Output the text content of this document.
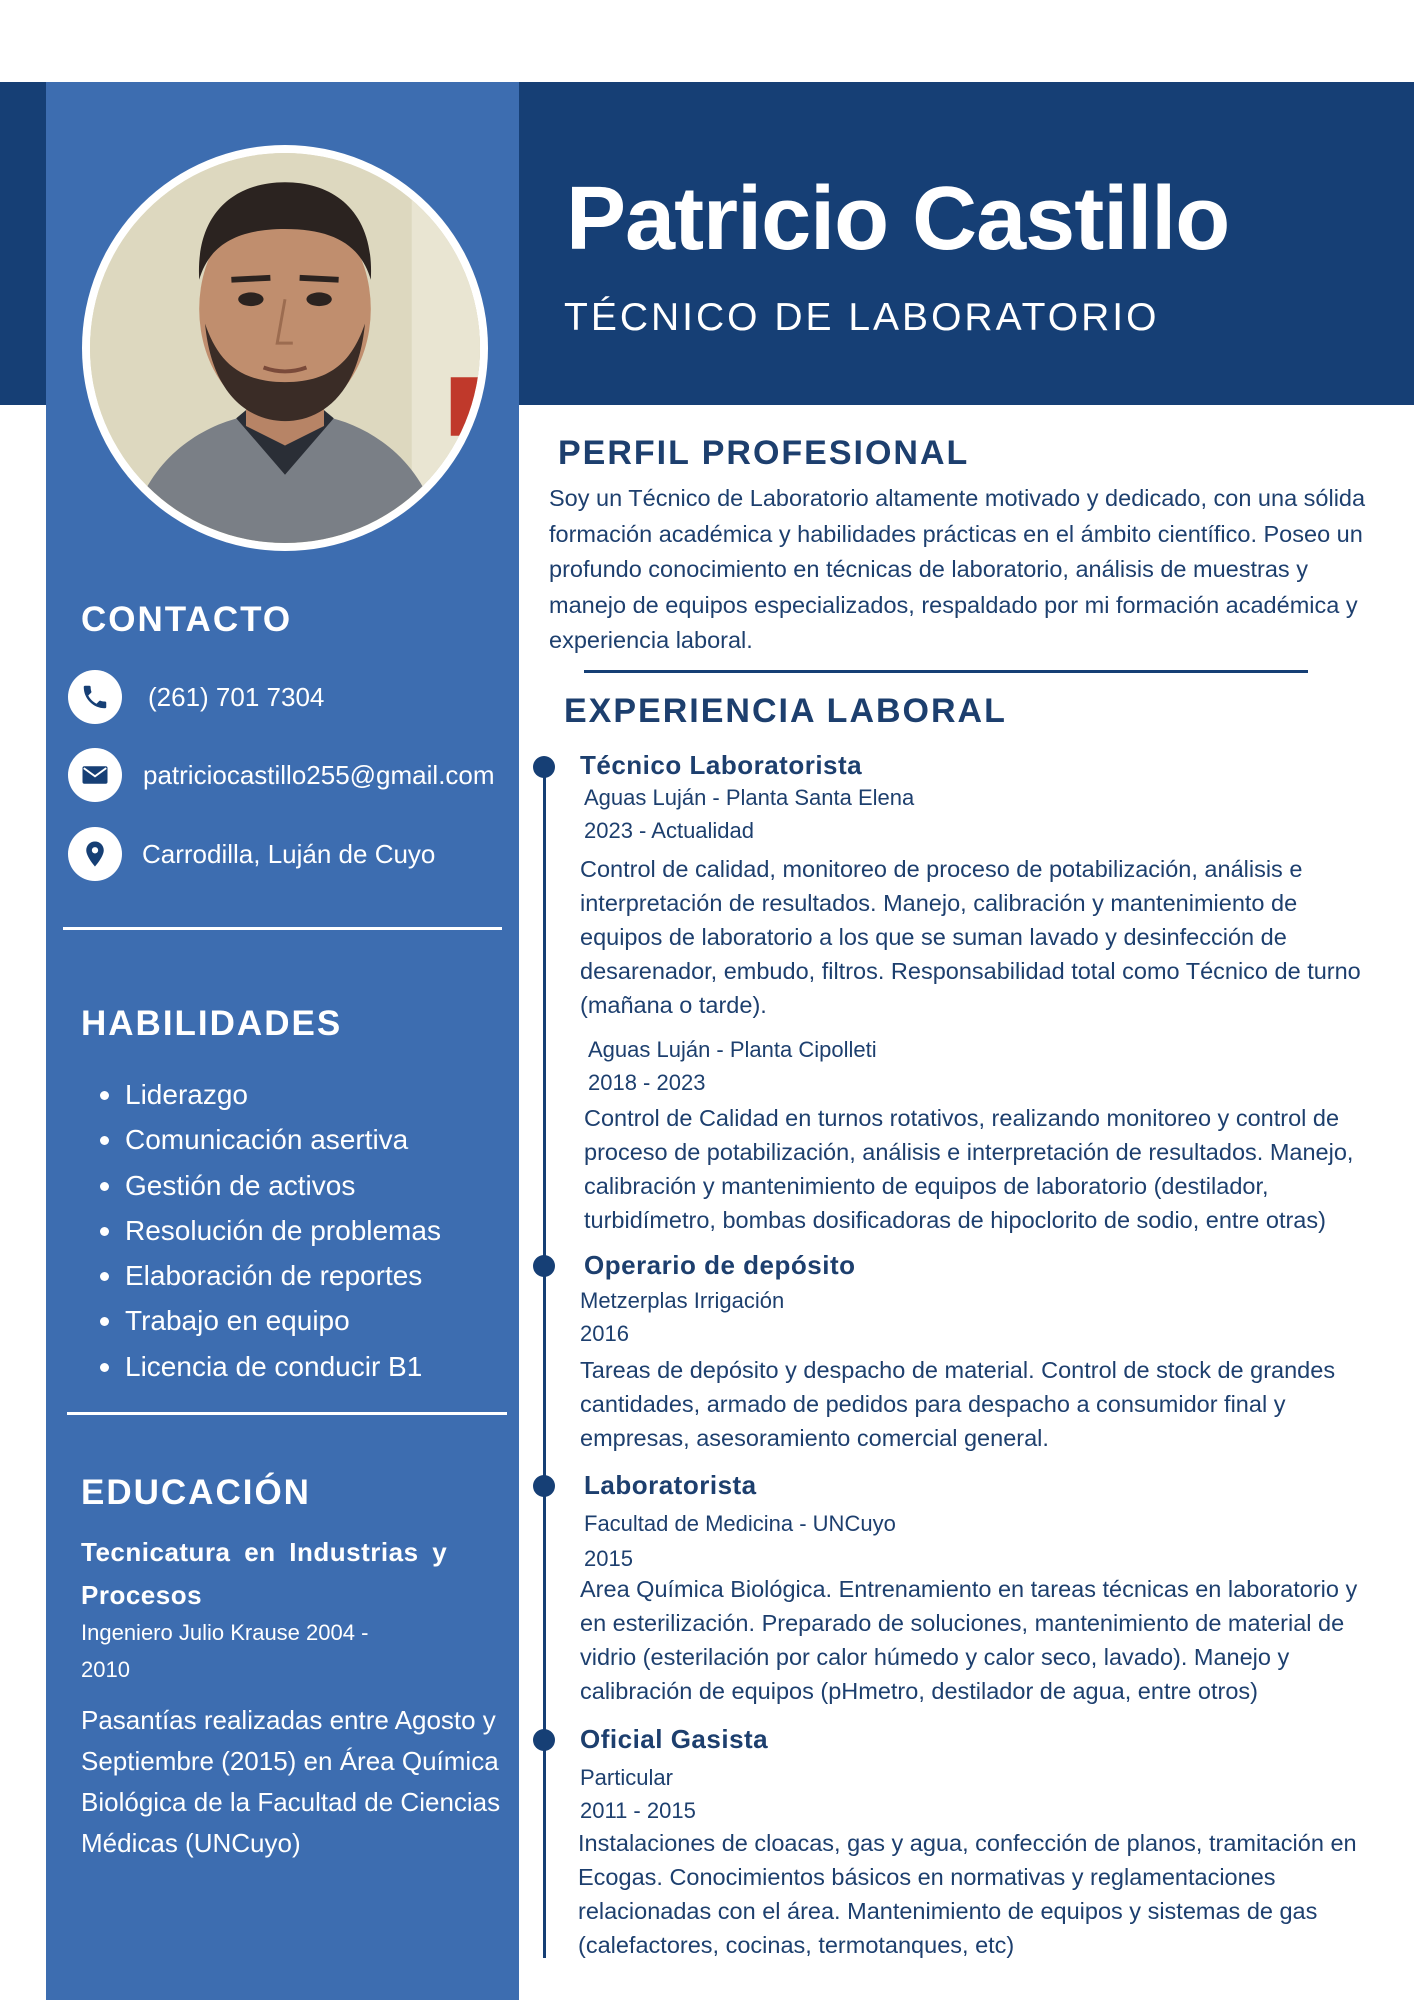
Patricio Castillo
TÉCNICO DE LABORATORIO
CONTACTO
(261) 701 7304
patriciocastillo255@gmail.com
Carrodilla, Luján de Cuyo
HABILIDADES
Liderazgo
Comunicación asertiva
Gestión de activos
Resolución de problemas
Elaboración de reportes
Trabajo en equipo
Licencia de conducir B1
EDUCACIÓN
Tecnicatura en Industrias y Procesos
Ingeniero Julio Krause 2004 - 2010
Pasantías realizadas entre Agosto y Septiembre (2015) en Área Química Biológica de la Facultad de Ciencias Médicas (UNCuyo)
PERFIL PROFESIONAL
Soy un Técnico de Laboratorio altamente motivado y dedicado, con una sólida formación académica y habilidades prácticas en el ámbito científico. Poseo un profundo conocimiento en técnicas de laboratorio, análisis de muestras y manejo de equipos especializados, respaldado por mi formación académica y experiencia laboral.
EXPERIENCIA LABORAL
Técnico Laboratorista
Aguas Luján - Planta Santa Elena
2023 - Actualidad
Control de calidad, monitoreo de proceso de potabilización, análisis e interpretación de resultados. Manejo, calibración y mantenimiento de equipos de laboratorio a los que se suman lavado y desinfección de desarenador, embudo, filtros. Responsabilidad total como Técnico de turno (mañana o tarde).
Aguas Luján - Planta Cipolleti
2018 - 2023
Control de Calidad en turnos rotativos, realizando monitoreo y control de proceso de potabilización, análisis e interpretación de resultados. Manejo, calibración y mantenimiento de equipos de laboratorio (destilador, turbidímetro, bombas dosificadoras de hipoclorito de sodio, entre otras)
Operario de depósito
Metzerplas Irrigación
2016
Tareas de depósito y despacho de material. Control de stock de grandes cantidades, armado de pedidos para despacho a consumidor final y empresas, asesoramiento comercial general.
Laboratorista
Facultad de Medicina - UNCuyo
2015
Area Química Biológica. Entrenamiento en tareas técnicas en laboratorio y en esterilización. Preparado de soluciones, mantenimiento de material de vidrio (esterilación por calor húmedo y calor seco, lavado). Manejo y calibración de equipos (pHmetro, destilador de agua, entre otros)
Oficial Gasista
Particular
2011 - 2015
Instalaciones de cloacas, gas y agua, confección de planos, tramitación en Ecogas. Conocimientos básicos en normativas y reglamentaciones relacionadas con el área. Mantenimiento de equipos y sistemas de gas (calefactores, cocinas, termotanques, etc)
